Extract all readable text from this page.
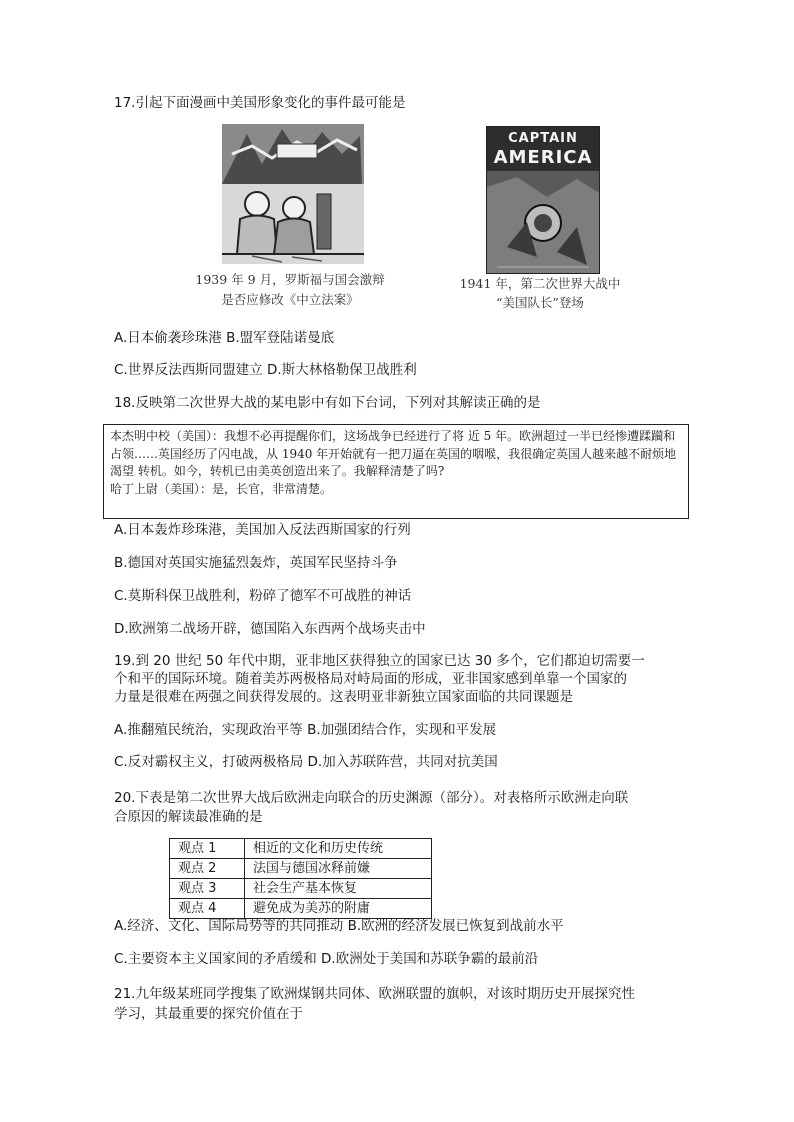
17.引起下面漫画中美国形象变化的事件最可能是
CAPTAIN
AMERICA
1939 年 9 月，罗斯福与国会激辩
是否应修改《中立法案》
1941 年，第二次世界大战中
“美国队长”登场
A.日本偷袭珍珠港 B.盟军登陆诺曼底
C.世界反法西斯同盟建立 D.斯大林格勒保卫战胜利
18.反映第二次世界大战的某电影中有如下台词，下列对其解读正确的是

本杰明中校（美国）：我想不必再提醒你们，这场战争已经进行了将 近 5 年。欧洲超过一半已经惨遭蹂躏和占领……英国经历了闪电战，从 1940 年开始就有一把刀逼在英国的咽喉，我很确定英国人越来越不耐烦地渴望 转机。如今，转机已由美英创造出来了。我解释清楚了吗?

哈丁上尉（美国）：是，长官，非常清楚。

A.日本轰炸珍珠港，美国加入反法西斯国家的行列
B.德国对英国实施猛烈轰炸，英国军民坚持斗争
C.莫斯科保卫战胜利，粉碎了德军不可战胜的神话
D.欧洲第二战场开辟，德国陷入东西两个战场夹击中
19.到 20 世纪 50 年代中期，亚非地区获得独立的国家已达 30 多个，它们都迫切需要一
个和平的国际环境。随着美苏两极格局对峙局面的形成，亚非国家感到单靠一个国家的
力量是很难在两强之间获得发展的。这表明亚非新独立国家面临的共同课题是
A.推翻殖民统治，实现政治平等 B.加强团结合作，实现和平发展
C.反对霸权主义，打破两极格局 D.加入苏联阵营，共同对抗美国
20.下表是第二次世界大战后欧洲走向联合的历史渊源（部分）。对表格所示欧洲走向联
合原因的解读最准确的是
观点 1	相近的文化和历史传统
观点 2	法国与德国冰释前嫌
观点 3	社会生产基本恢复
观点 4	避免成为美苏的附庸
A.经济、文化、国际局势等的共同推动 B.欧洲的经济发展已恢复到战前水平
C.主要资本主义国家间的矛盾缓和 D.欧洲处于美国和苏联争霸的最前沿
21.九年级某班同学搜集了欧洲煤钢共同体、欧洲联盟的旗帜，对该时期历史开展探究性
学习，其最重要的探究价值在于
